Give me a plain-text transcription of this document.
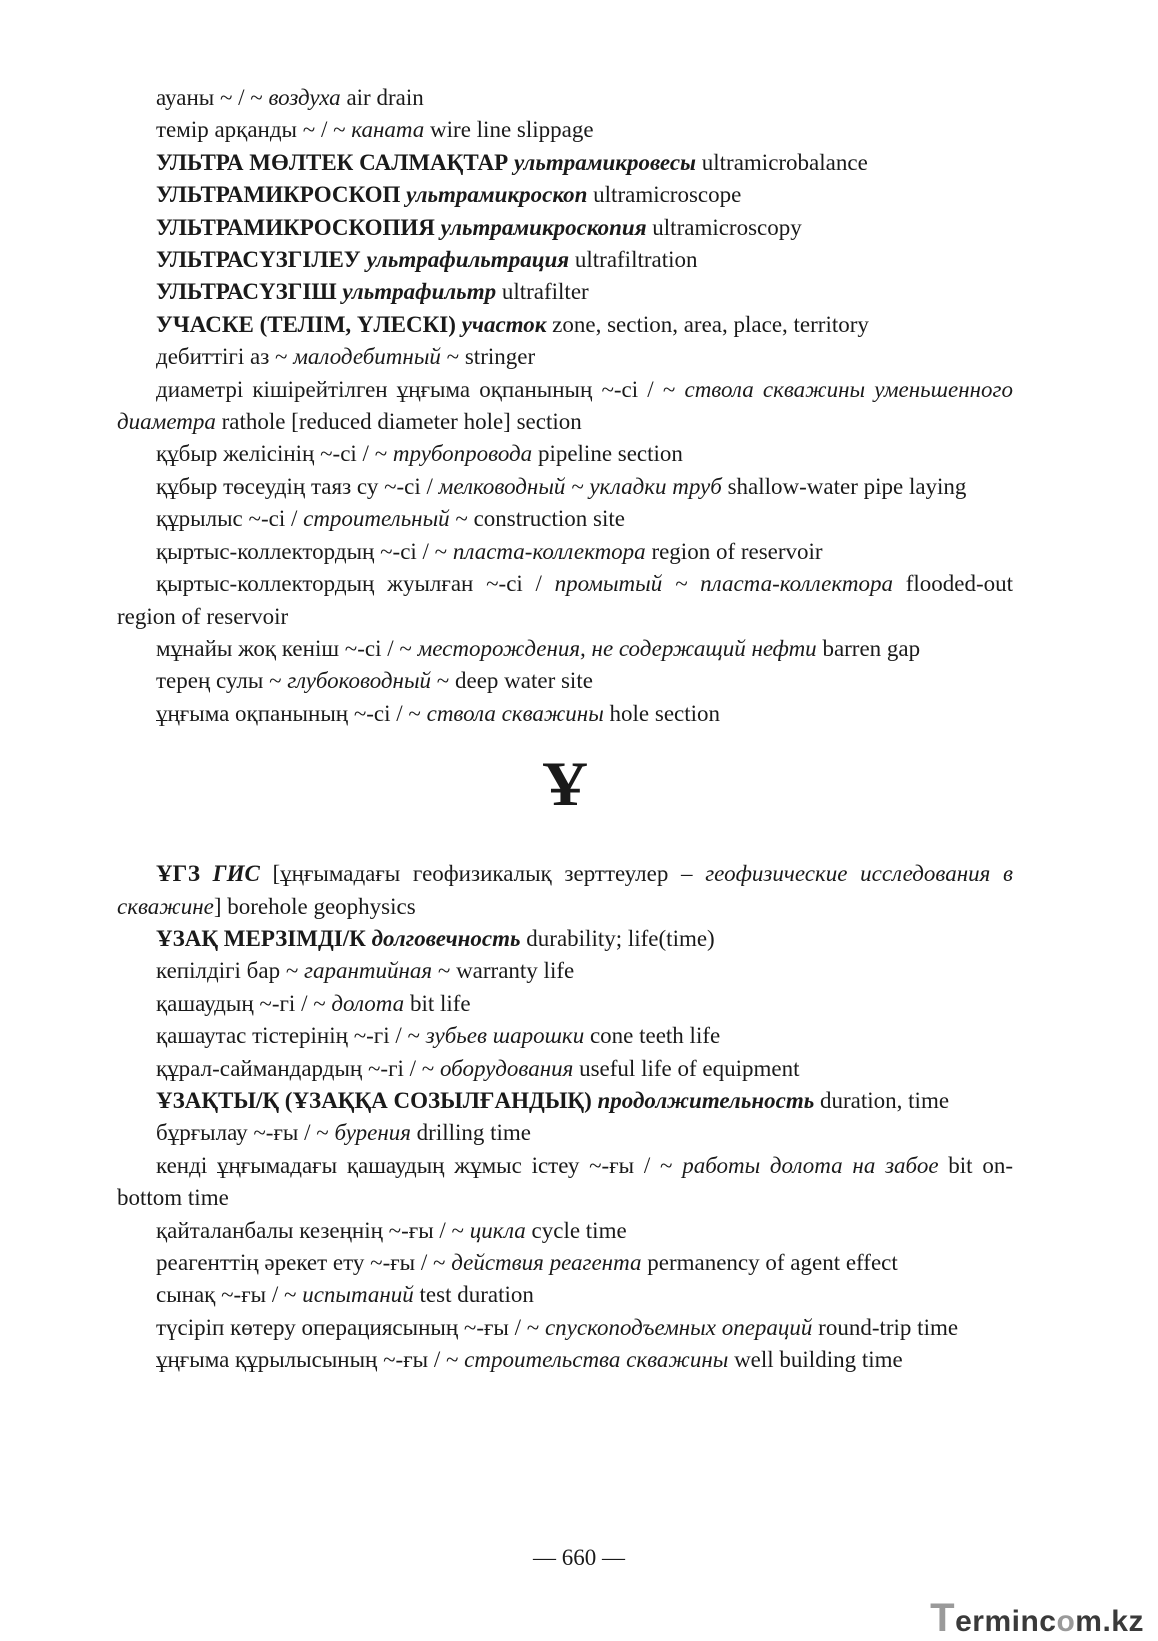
ауаны ~ / ~ воздуха air drain

темір арқанды ~ / ~ каната wire line slippage

УЛЬТРА МӨЛТЕК САЛМАҚТАР ультрамикровесы ultramicrobalance

УЛЬТРАМИКРОСКОП ультрамикроскоп ultramicroscope

УЛЬТРАМИКРОСКОПИЯ ультрамикроскопия ultramicroscopy

УЛЬТРАСҮЗГІЛЕУ ультрафильтрация ultrafiltration

УЛЬТРАСҮЗГІШ ультрафильтр ultrafilter

УЧАСКЕ (ТЕЛІМ, ҮЛЕСКІ) участок zone, section, area, place, territory

дебиттігі аз ~ малодебитный ~ stringer

диаметрі кішірейтілген ұңғыма оқпанының ~-сі / ~ ствола скважины уменьшенного диаметра rathole [reduced diameter hole] section

құбыр желісінің ~-сі / ~ трубопровода pipeline section

құбыр төсеудің таяз су ~-сі / мелководный ~ укладки труб shallow-water pipe laying

құрылыс ~-сі / строительный ~ construction site

қыртыс-коллектордың ~-сі / ~ пласта-коллектора region of reservoir

қыртыс-коллектордың жуылған ~-сі / промытый ~ пласта-коллектора flooded-out region of reservoir

мұнайы жоқ кеніш ~-сі / ~ месторождения, не содержащий нефти barren gap

терең сулы ~ глубоководный ~ deep water site

ұңғыма оқпанының ~-сі / ~ ствола скважины hole section

Ұ

ҰГЗ ГИС [ұңғымадағы геофизикалық зерттеулер – геофизические исследования в скважине] borehole geophysics

ҰЗАҚ МЕРЗІМДІ/К долговечность durability; life(time)

кепілдігі бар ~ гарантийная ~ warranty life

қашаудың ~-гі / ~ долота bit life

қашаутас тістерінің ~-гі / ~ зубьев шарошки cone teeth life

құрал-саймандардың ~-гі / ~ оборудования useful life of equipment

ҰЗАҚТЫ/Қ (ҰЗАҚҚА СОЗЫЛҒАНДЫҚ) продолжительность duration, time

бұрғылау ~-ғы / ~ бурения drilling time

кенді ұңғымадағы қашаудың жұмыс істеу ~-ғы / ~ работы долота на забое bit on-bottom time

қайталанбалы кезеңнің ~-ғы / ~ цикла cycle time

реагенттің әрекет ету ~-ғы / ~ действия реагента permanency of agent effect

сынақ ~-ғы / ~ испытаний test duration

түсіріп көтеру операциясының ~-ғы / ~ спускоподъемных операций round-trip time

ұңғыма құрылысының ~-ғы / ~ строительства скважины well building time

— 660 —
Termincom.kz
